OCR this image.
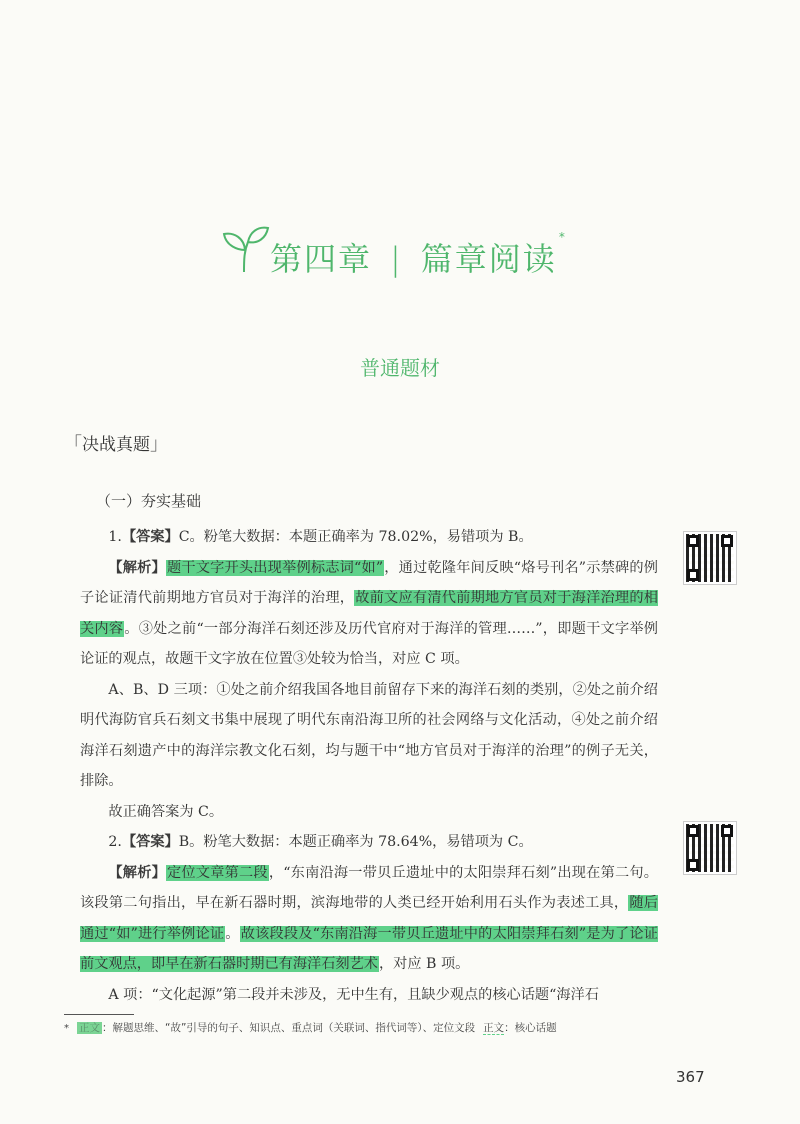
第四章 | 篇章阅读*
普通题材
「决战真题」
（一）夯实基础

1.【答案】C。粉笔大数据：本题正确率为 78.02%，易错项为 B。

【解析】题干文字开头出现举例标志词“如”，通过乾隆年间反映“烙号刊名”示禁碑的例子论证清代前期地方官员对于海洋的治理，故前文应有清代前期地方官员对于海洋治理的相关内容。③处之前“一部分海洋石刻还涉及历代官府对于海洋的管理……”，即题干文字举例论证的观点，故题干文字放在位置③处较为恰当，对应 C 项。

A、B、D 三项：①处之前介绍我国各地目前留存下来的海洋石刻的类别，②处之前介绍明代海防官兵石刻文书集中展现了明代东南沿海卫所的社会网络与文化活动，④处之前介绍海洋石刻遗产中的海洋宗教文化石刻，均与题干中“地方官员对于海洋的治理”的例子无关，排除。

故正确答案为 C。

2.【答案】B。粉笔大数据：本题正确率为 78.64%，易错项为 C。

【解析】定位文章第二段，“东南沿海一带贝丘遗址中的太阳崇拜石刻”出现在第二句。该段第二句指出，早在新石器时期，滨海地带的人类已经开始利用石头作为表述工具，随后通过“如”进行举例论证。故该段段及“东南沿海一带贝丘遗址中的太阳崇拜石刻”是为了论证前文观点，即早在新石器时期已有海洋石刻艺术，对应 B 项。

A 项：“文化起源”第二段并未涉及，无中生有，且缺少观点的核心话题“海洋石

* 正文 ：解题思维、“故”引导的句子、知识点、重点词（关联词、指代词等）、定位文段 正文：核心话题
367
